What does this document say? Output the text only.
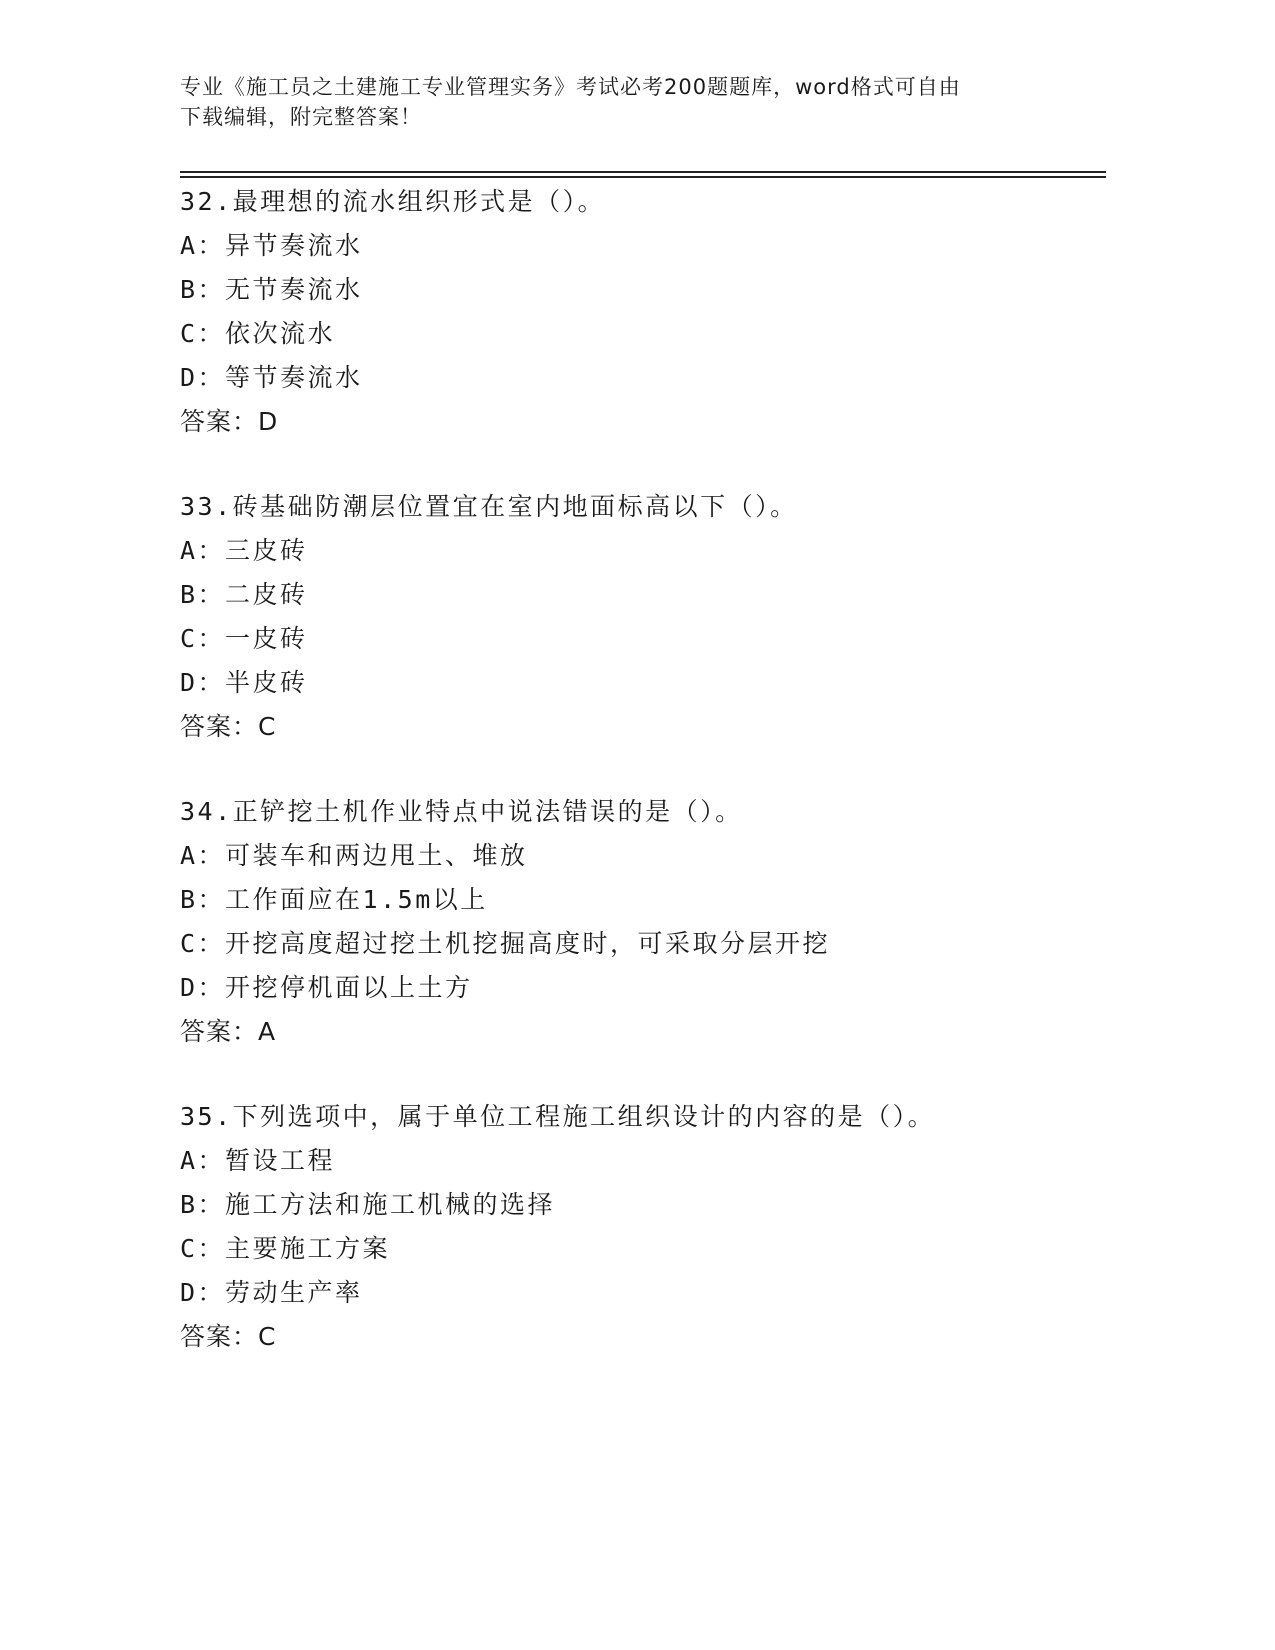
专业《施工员之土建施工专业管理实务》考试必考200题题库，word格式可自由
下载编辑，附完整答案！
32.最理想的流水组织形式是（）。
A：异节奏流水
B：无节奏流水
C：依次流水
D：等节奏流水
答案：D
33.砖基础防潮层位置宜在室内地面标高以下（）。
A：三皮砖
B：二皮砖
C：一皮砖
D：半皮砖
答案：C
34.正铲挖土机作业特点中说法错误的是（）。
A：可装车和两边甩土、堆放
B：工作面应在1.5m以上
C：开挖高度超过挖土机挖掘高度时，可采取分层开挖
D：开挖停机面以上土方
答案：A
35.下列选项中，属于单位工程施工组织设计的内容的是（）。
A：暂设工程
B：施工方法和施工机械的选择
C：主要施工方案
D：劳动生产率
答案：C
